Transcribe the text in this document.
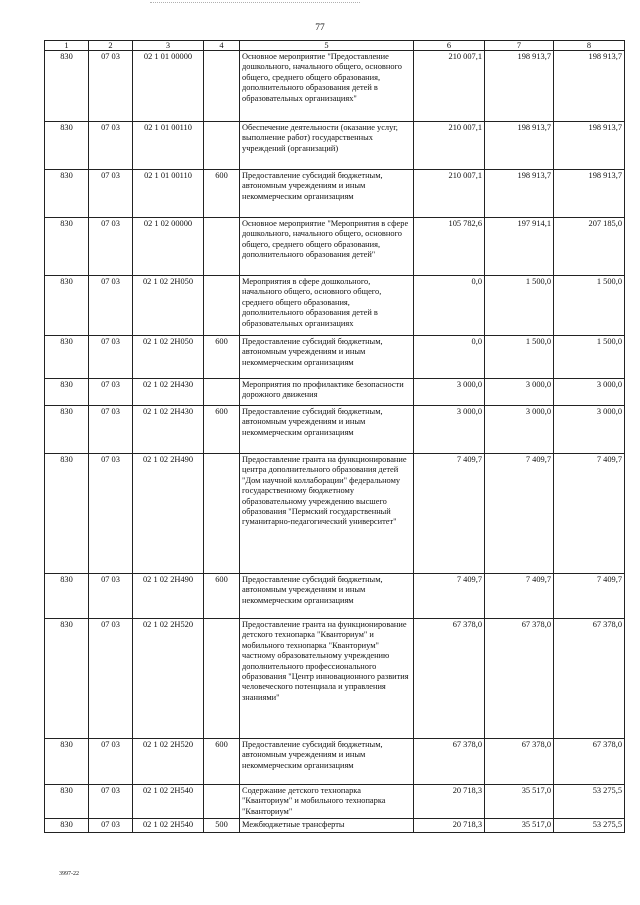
77
1	2	3	4	5	6	7	8
830	07 03	02 1 01 00000		Основное мероприятие "Предоставление дошкольного, начального общего, основного общего, среднего общего образования, дополнительного образования детей в образовательных организациях"	210 007,1	198 913,7	198 913,7
830	07 03	02 1 01 00110		Обеспечение деятельности (оказание услуг, выполнение работ) государственных учреждений (организаций)	210 007,1	198 913,7	198 913,7
830	07 03	02 1 01 00110	600	Предоставление субсидий бюджетным, автономным учреждениям и иным некоммерческим организациям	210 007,1	198 913,7	198 913,7
830	07 03	02 1 02 00000		Основное мероприятие "Мероприятия в сфере дошкольного, начального общего, основного общего, среднего общего образования, дополнительного образования детей"	105 782,6	197 914,1	207 185,0
830	07 03	02 1 02 2Н050		Мероприятия в сфере дошкольного, начального общего, основного общего, среднего общего образования, дополнительного образования детей в образовательных организациях	0,0	1 500,0	1 500,0
830	07 03	02 1 02 2Н050	600	Предоставление субсидий бюджетным, автономным учреждениям и иным некоммерческим организациям	0,0	1 500,0	1 500,0
830	07 03	02 1 02 2Н430		Мероприятия по профилактике безопасности дорожного движения	3 000,0	3 000,0	3 000,0
830	07 03	02 1 02 2Н430	600	Предоставление субсидий бюджетным, автономным учреждениям и иным некоммерческим организациям	3 000,0	3 000,0	3 000,0
830	07 03	02 1 02 2Н490		Предоставление гранта на функционирование центра дополнительного образования детей "Дом научной коллаборации" федеральному государственному бюджетному образовательному учреждению высшего образования "Пермский государственный гуманитарно-педагогический университет"	7 409,7	7 409,7	7 409,7
830	07 03	02 1 02 2Н490	600	Предоставление субсидий бюджетным, автономным учреждениям и иным некоммерческим организациям	7 409,7	7 409,7	7 409,7
830	07 03	02 1 02 2Н520		Предоставление гранта на функционирование детского технопарка "Кванториум" и мобильного технопарка "Кванториум" частному образовательному учреждению дополнительного профессионального образования "Центр инновационного развития человеческого потенциала и управления знаниями"	67 378,0	67 378,0	67 378,0
830	07 03	02 1 02 2Н520	600	Предоставление субсидий бюджетным, автономным учреждениям и иным некоммерческим организациям	67 378,0	67 378,0	67 378,0
830	07 03	02 1 02 2Н540		Содержание детского технопарка "Кванториум" и мобильного технопарка "Кванториум"	20 718,3	35 517,0	53 275,5
830	07 03	02 1 02 2Н540	500	Межбюджетные трансферты	20 718,3	35 517,0	53 275,5
3997-22
